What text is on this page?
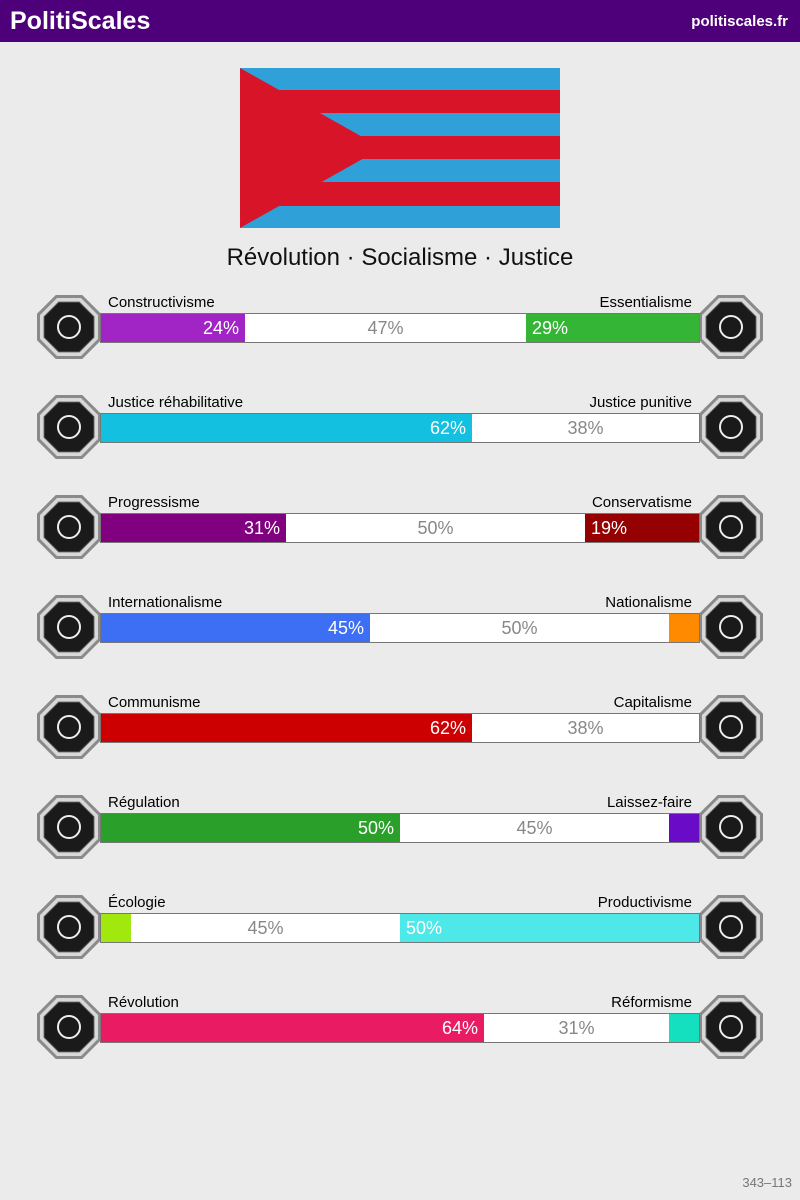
PolitiScales	politiscales.fr
Révolution · Socialisme · Justice
Constructivisme	Essentialisme
24%	47%	29%
Justice réhabilitative	Justice punitive
62%	38%
Progressisme	Conservatisme
31%	50%	19%
Internationalisme	Nationalisme
45%	50%
Communisme	Capitalisme
62%	38%
Régulation	Laissez-faire
50%	45%
Écologie	Productivisme
45%	50%
Révolution	Réformisme
64%	31%
343–113
